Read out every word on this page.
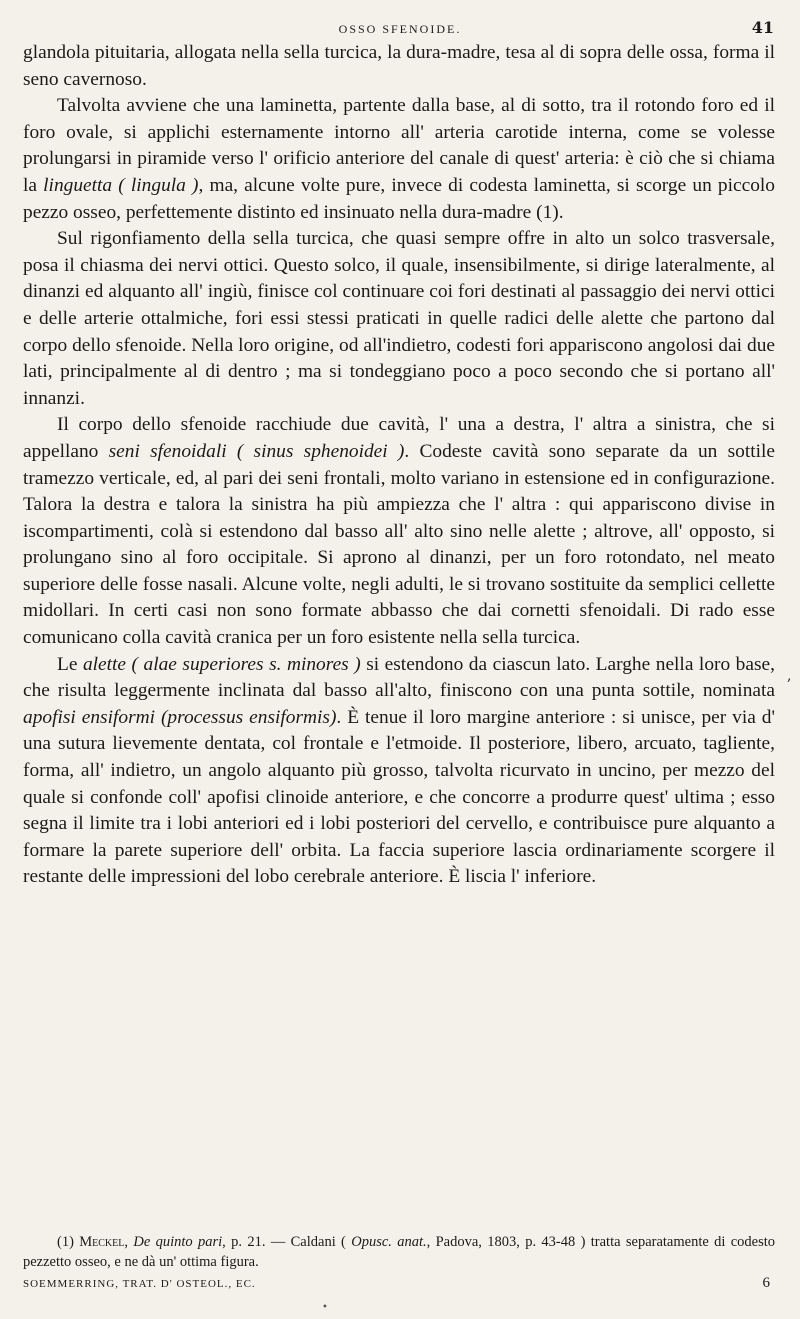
OSSO SFENOIDE.	41

glandola pituitaria, allogata nella sella turcica, la dura-madre, tesa al di sopra delle ossa, forma il seno cavernoso.

Talvolta avviene che una laminetta, partente dalla base, al di sotto, tra il rotondo foro ed il foro ovale, si applichi esternamente intorno all' arteria carotide interna, come se volesse prolungarsi in piramide verso l' orificio anteriore del canale di quest' arteria: è ciò che si chiama la linguetta ( lingula ), ma, alcune volte pure, invece di codesta laminetta, si scorge un piccolo pezzo osseo, perfettemente distinto ed insinuato nella dura-madre (1).

Sul rigonfiamento della sella turcica, che quasi sempre offre in alto un solco trasversale, posa il chiasma dei nervi ottici. Questo solco, il quale, insensibilmente, si dirige lateralmente, al dinanzi ed alquanto all' ingiù, finisce col continuare coi fori destinati al passaggio dei nervi ottici e delle arterie ottalmiche, fori essi stessi praticati in quelle radici delle alette che partono dal corpo dello sfenoide. Nella loro origine, od all'indietro, codesti fori appariscono angolosi dai due lati, principalmente al di dentro ; ma si tondeggiano poco a poco secondo che si portano all' innanzi.

Il corpo dello sfenoide racchiude due cavità, l' una a destra, l' altra a sinistra, che si appellano seni sfenoidali ( sinus sphenoidei ). Codeste cavità sono separate da un sottile tramezzo verticale, ed, al pari dei seni frontali, molto variano in estensione ed in configurazione. Talora la destra e talora la sinistra ha più ampiezza che l' altra : qui appariscono divise in iscompartimenti, colà si estendono dal basso all' alto sino nelle alette ; altrove, all' opposto, si prolungano sino al foro occipitale. Si aprono al dinanzi, per un foro rotondato, nel meato superiore delle fosse nasali. Alcune volte, negli adulti, le si trovano sostituite da semplici cellette midollari. In certi casi non sono formate abbasso che dai cornetti sfenoidali. Di rado esse comunicano colla cavità cranica per un foro esistente nella sella turcica.

Le alette ( alae superiores s. minores ) si estendono da ciascun lato. Larghe nella loro base, che risulta leggermente inclinata dal basso all'alto, finiscono con una punta sottile, nominata apofisi ensiformi (processus ensiformis). È tenue il loro margine anteriore : si unisce, per via d' una sutura lievemente dentata, col frontale e l'etmoide. Il posteriore, libero, arcuato, tagliente, forma, all' indietro, un angolo alquanto più grosso, talvolta ricurvato in uncino, per mezzo del quale si confonde coll' apofisi clinoide anteriore, e che concorre a produrre quest' ultima ; esso segna il limite tra i lobi anteriori ed i lobi posteriori del cervello, e contribuisce pure alquanto a formare la parete superiore dell' orbita. La faccia superiore lascia ordinariamente scorgere il restante delle impressioni del lobo cerebrale anteriore. È liscia l' inferiore.

,

(1) Meckel, De quinto pari, p. 21. — Caldani ( Opusc. anat., Padova, 1803, p. 43-48 ) tratta separatamente di codesto pezzetto osseo, e ne dà un' ottima figura.

SOEMMERRING, TRAT. D' OSTEOL., EC.	6
•
